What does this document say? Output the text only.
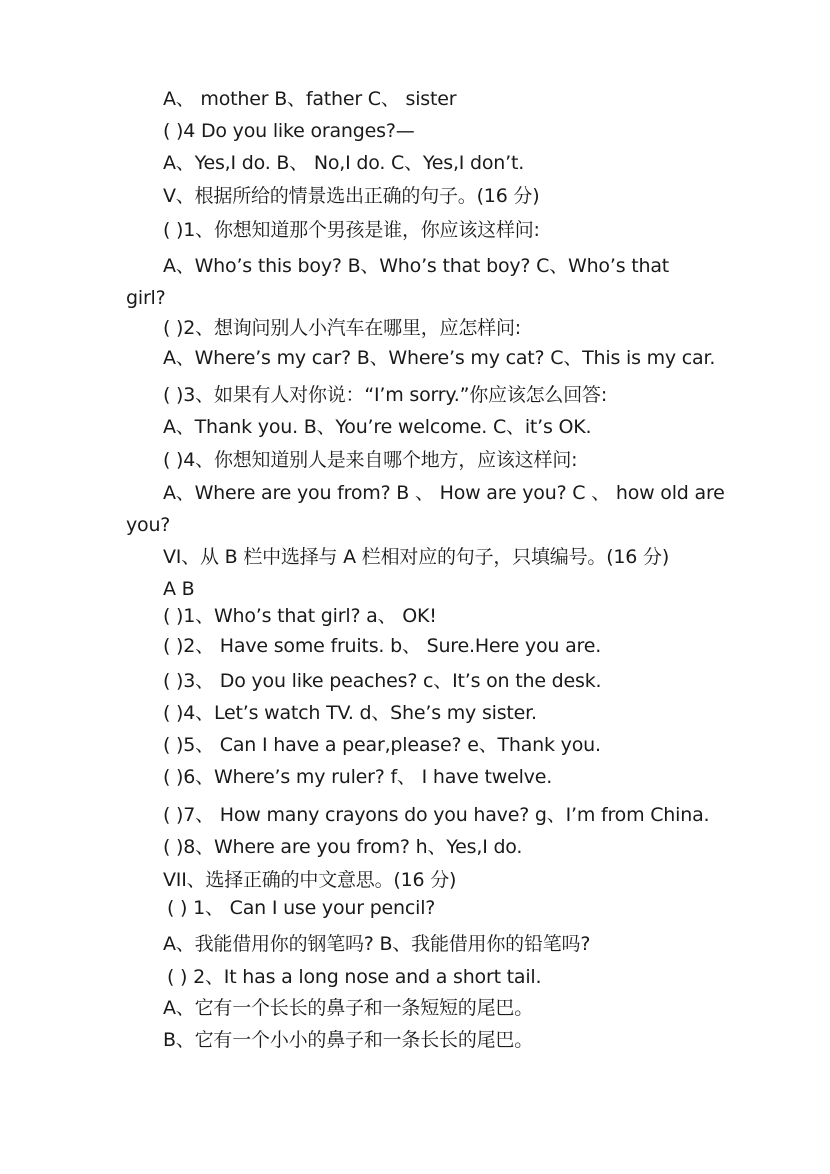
A、 mother B、father C、 sister
( )4 Do you like oranges?—
A、Yes,I do. B、 No,I do. C、Yes,I don’t.
V、根据所给的情景选出正确的句子。(16 分)
( )1、你想知道那个男孩是谁，你应该这样问:
A、Who’s this boy? B、Who’s that boy? C、Who’s that
girl?
( )2、想询问别人小汽车在哪里，应怎样问:
A、Where’s my car? B、Where’s my cat? C、This is my car.
( )3、如果有人对你说：“I’m sorry.”你应该怎么回答:
A、Thank you. B、You’re welcome. C、it’s OK.
( )4、你想知道别人是来自哪个地方，应该这样问:
A、Where are you from? B 、 How are you? C 、 how old are
you?
VI、从 B 栏中选择与 A 栏相对应的句子，只填编号。(16 分)
A B
( )1、Who’s that girl? a、 OK!
( )2、 Have some fruits. b、 Sure.Here you are.
( )3、 Do you like peaches? c、It’s on the desk.
( )4、Let’s watch TV. d、She’s my sister.
( )5、 Can I have a pear,please? e、Thank you.
( )6、Where’s my ruler? f、 I have twelve.
( )7、 How many crayons do you have? g、I’m from China.
( )8、Where are you from? h、Yes,I do.
VII、选择正确的中文意思。(16 分)
( ) 1、 Can I use your pencil?
A、我能借用你的钢笔吗? B、我能借用你的铅笔吗?
( ) 2、It has a long nose and a short tail.
A、它有一个长长的鼻子和一条短短的尾巴。
B、它有一个小小的鼻子和一条长长的尾巴。
